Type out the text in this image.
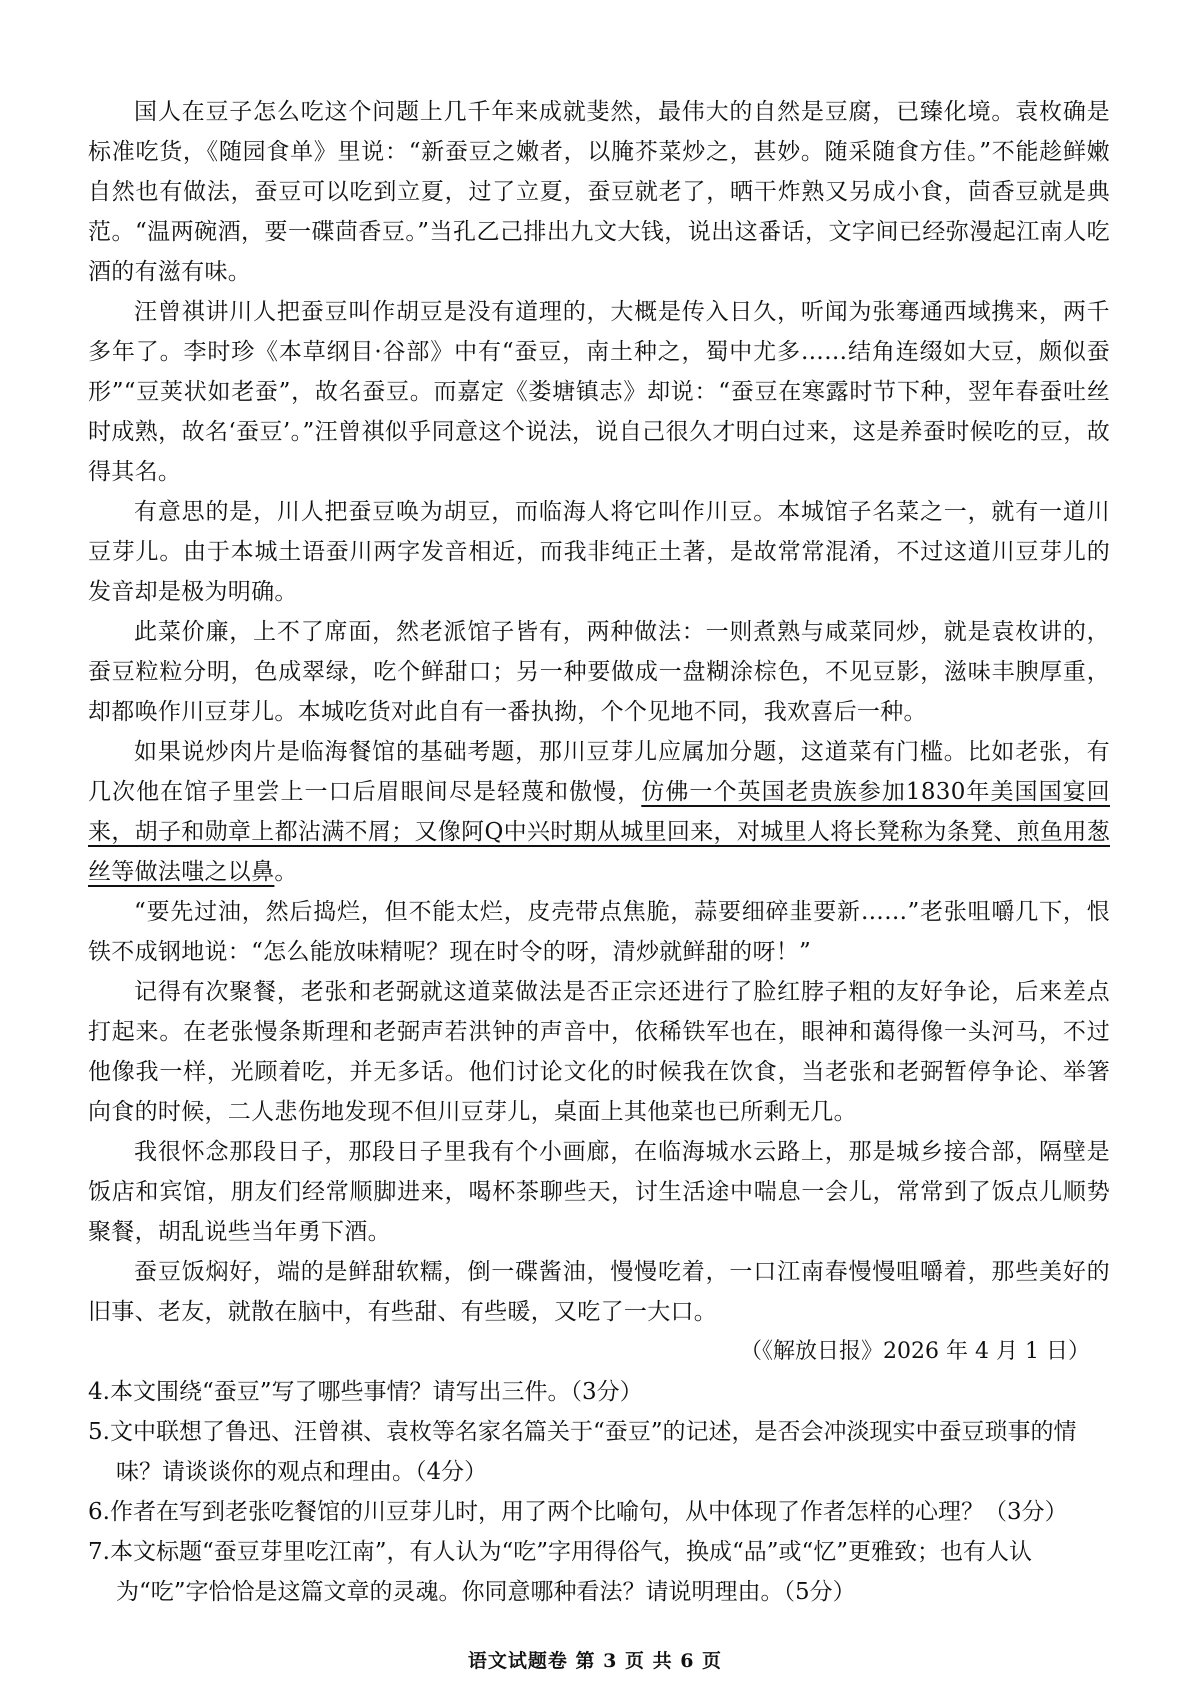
国人在豆子怎么吃这个问题上几千年来成就斐然，最伟大的自然是豆腐，已臻化境。袁枚确是标准吃货，《随园食单》里说：“新蚕豆之嫩者，以腌芥菜炒之，甚妙。随采随食方佳。”不能趁鲜嫩自然也有做法，蚕豆可以吃到立夏，过了立夏，蚕豆就老了，晒干炸熟又另成小食，茴香豆就是典范。“温两碗酒，要一碟茴香豆。”当孔乙己排出九文大钱，说出这番话，文字间已经弥漫起江南人吃酒的有滋有味。

汪曾祺讲川人把蚕豆叫作胡豆是没有道理的，大概是传入日久，听闻为张骞通西域携来，两千多年了。李时珍《本草纲目·谷部》中有“蚕豆，南土种之，蜀中尤多……结角连缀如大豆，颇似蚕形”“豆荚状如老蚕”，故名蚕豆。而嘉定《娄塘镇志》却说：“蚕豆在寒露时节下种，翌年春蚕吐丝时成熟，故名‘蚕豆’。”汪曾祺似乎同意这个说法，说自己很久才明白过来，这是养蚕时候吃的豆，故得其名。

有意思的是，川人把蚕豆唤为胡豆，而临海人将它叫作川豆。本城馆子名菜之一，就有一道川豆芽儿。由于本城土语蚕川两字发音相近，而我非纯正土著，是故常常混淆，不过这道川豆芽儿的发音却是极为明确。

此菜价廉，上不了席面，然老派馆子皆有，两种做法：一则煮熟与咸菜同炒，就是袁枚讲的，蚕豆粒粒分明，色成翠绿，吃个鲜甜口；另一种要做成一盘糊涂棕色，不见豆影，滋味丰腴厚重，却都唤作川豆芽儿。本城吃货对此自有一番执拗，个个见地不同，我欢喜后一种。

如果说炒肉片是临海餐馆的基础考题，那川豆芽儿应属加分题，这道菜有门槛。比如老张，有几次他在馆子里尝上一口后眉眼间尽是轻蔑和傲慢，仿佛一个英国老贵族参加1830年美国国宴回来，胡子和勋章上都沾满不屑；又像阿Q中兴时期从城里回来，对城里人将长凳称为条凳、煎鱼用葱丝等做法嗤之以鼻。

“要先过油，然后捣烂，但不能太烂，皮壳带点焦脆，蒜要细碎韭要新……”老张咀嚼几下，恨铁不成钢地说：“怎么能放味精呢？现在时令的呀，清炒就鲜甜的呀！”

记得有次聚餐，老张和老弼就这道菜做法是否正宗还进行了脸红脖子粗的友好争论，后来差点打起来。在老张慢条斯理和老弼声若洪钟的声音中，依稀铁军也在，眼神和蔼得像一头河马，不过他像我一样，光顾着吃，并无多话。他们讨论文化的时候我在饮食，当老张和老弼暂停争论、举箸向食的时候，二人悲伤地发现不但川豆芽儿，桌面上其他菜也已所剩无几。

我很怀念那段日子，那段日子里我有个小画廊，在临海城水云路上，那是城乡接合部，隔壁是饭店和宾馆，朋友们经常顺脚进来，喝杯茶聊些天，讨生活途中喘息一会儿，常常到了饭点儿顺势聚餐，胡乱说些当年勇下酒。

蚕豆饭焖好，端的是鲜甜软糯，倒一碟酱油，慢慢吃着，一口江南春慢慢咀嚼着，那些美好的旧事、老友，就散在脑中，有些甜、有些暖，又吃了一大口。

（《解放日报》2026 年 4 月 1 日）

4.本文围绕“蚕豆”写了哪些事情？请写出三件。（3分）

5.文中联想了鲁迅、汪曾祺、袁枚等名家名篇关于“蚕豆”的记述，是否会冲淡现实中蚕豆琐事的情味？请谈谈你的观点和理由。（4分）

6.作者在写到老张吃餐馆的川豆芽儿时，用了两个比喻句，从中体现了作者怎样的心理？（3分）

7.本文标题“蚕豆芽里吃江南”，有人认为“吃”字用得俗气，换成“品”或“忆”更雅致；也有人认为“吃”字恰恰是这篇文章的灵魂。你同意哪种看法？请说明理由。（5分）

语文试题卷 第 3 页 共 6 页
